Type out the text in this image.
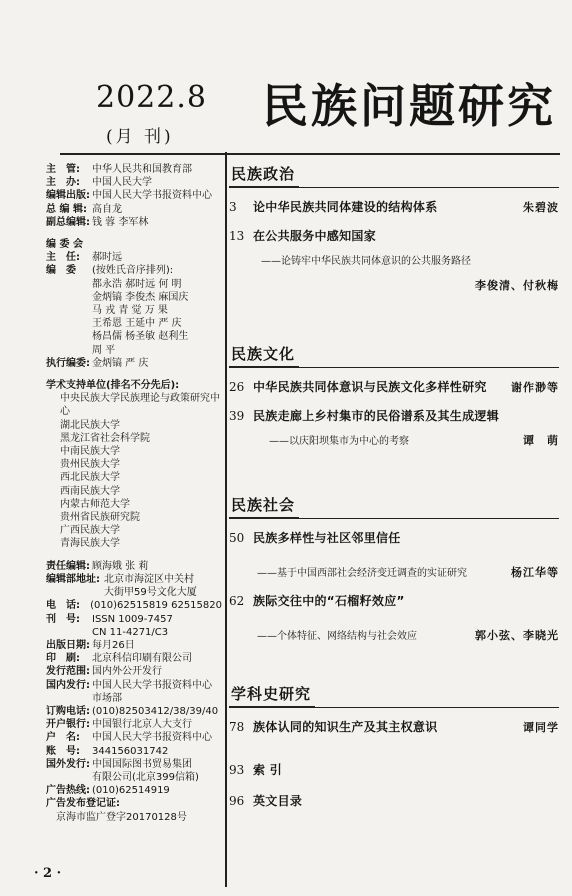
2022.8
(月 刊)
民族问题研究
主　管:	中华人民共和国教育部
主　办:	中国人民大学
编辑出版: 中国人民大学书报资料中心
总 编 辑: 高自龙
副总编辑: 钱 蓉 李军林
编 委 会
主　任:	郝时远
编　委	(按姓氏音序排列):
都永浩 郝时远 何 明
金炳镐 李俊杰 麻国庆
马 戎 青 觉 万 果
王希恩 王延中 严 庆
杨昌儒 杨圣敏 赵利生
周 平
执行编委: 金炳镐 严 庆
学术支持单位 (排名不分先后):
中央民族大学民族理论与政策研究中心
湖北民族大学
黑龙江省社会科学院
中南民族大学
贵州民族大学
西北民族大学
西南民族大学
内蒙古师范大学
贵州省民族研究院
广西民族大学
青海民族大学
责任编辑: 顾海娥 张 莉
编辑部地址: 北京市海淀区中关村
大街甲59号文化大厦
电　话:	(010)62515819 62515820
刊　号:	ISSN 1009-7457
CN 11-4271/C3
出版日期: 每月26日
印　刷:	北京科信印刷有限公司
发行范围: 国内外公开发行
国内发行: 中国人民大学书报资料中心
市场部
订购电话: (010)82503412/38/39/40
开户银行: 中国银行北京人大支行
户　名:	中国人民大学书报资料中心
账　号:	344156031742
国外发行: 中国国际图书贸易集团
有限公司(北京399信箱)
广告热线: (010)62514919
广告发布登记证:
京海市监广登字20170128号
民族政治
3 论中华民族共同体建设的结构体系	朱碧波
13 在公共服务中感知国家
——论铸牢中华民族共同体意识的公共服务路径
李俊清、付秋梅
民族文化
26 中华民族共同体意识与民族文化多样性研究 谢作渺等
39 民族走廊上乡村集市的民俗谱系及其生成逻辑
——以庆阳坝集市为中心的考察	谭　萌
民族社会
50 民族多样性与社区邻里信任
——基于中国西部社会经济变迁调查的实证研究	杨江华等
62 族际交往中的“石榴籽效应”
——个体特征、网络结构与社会效应	郭小弦、李晓光
学科史研究
78 族体认同的知识生产及其主权意识	谭同学
93 索 引
96 英文目录
· 2 ·
